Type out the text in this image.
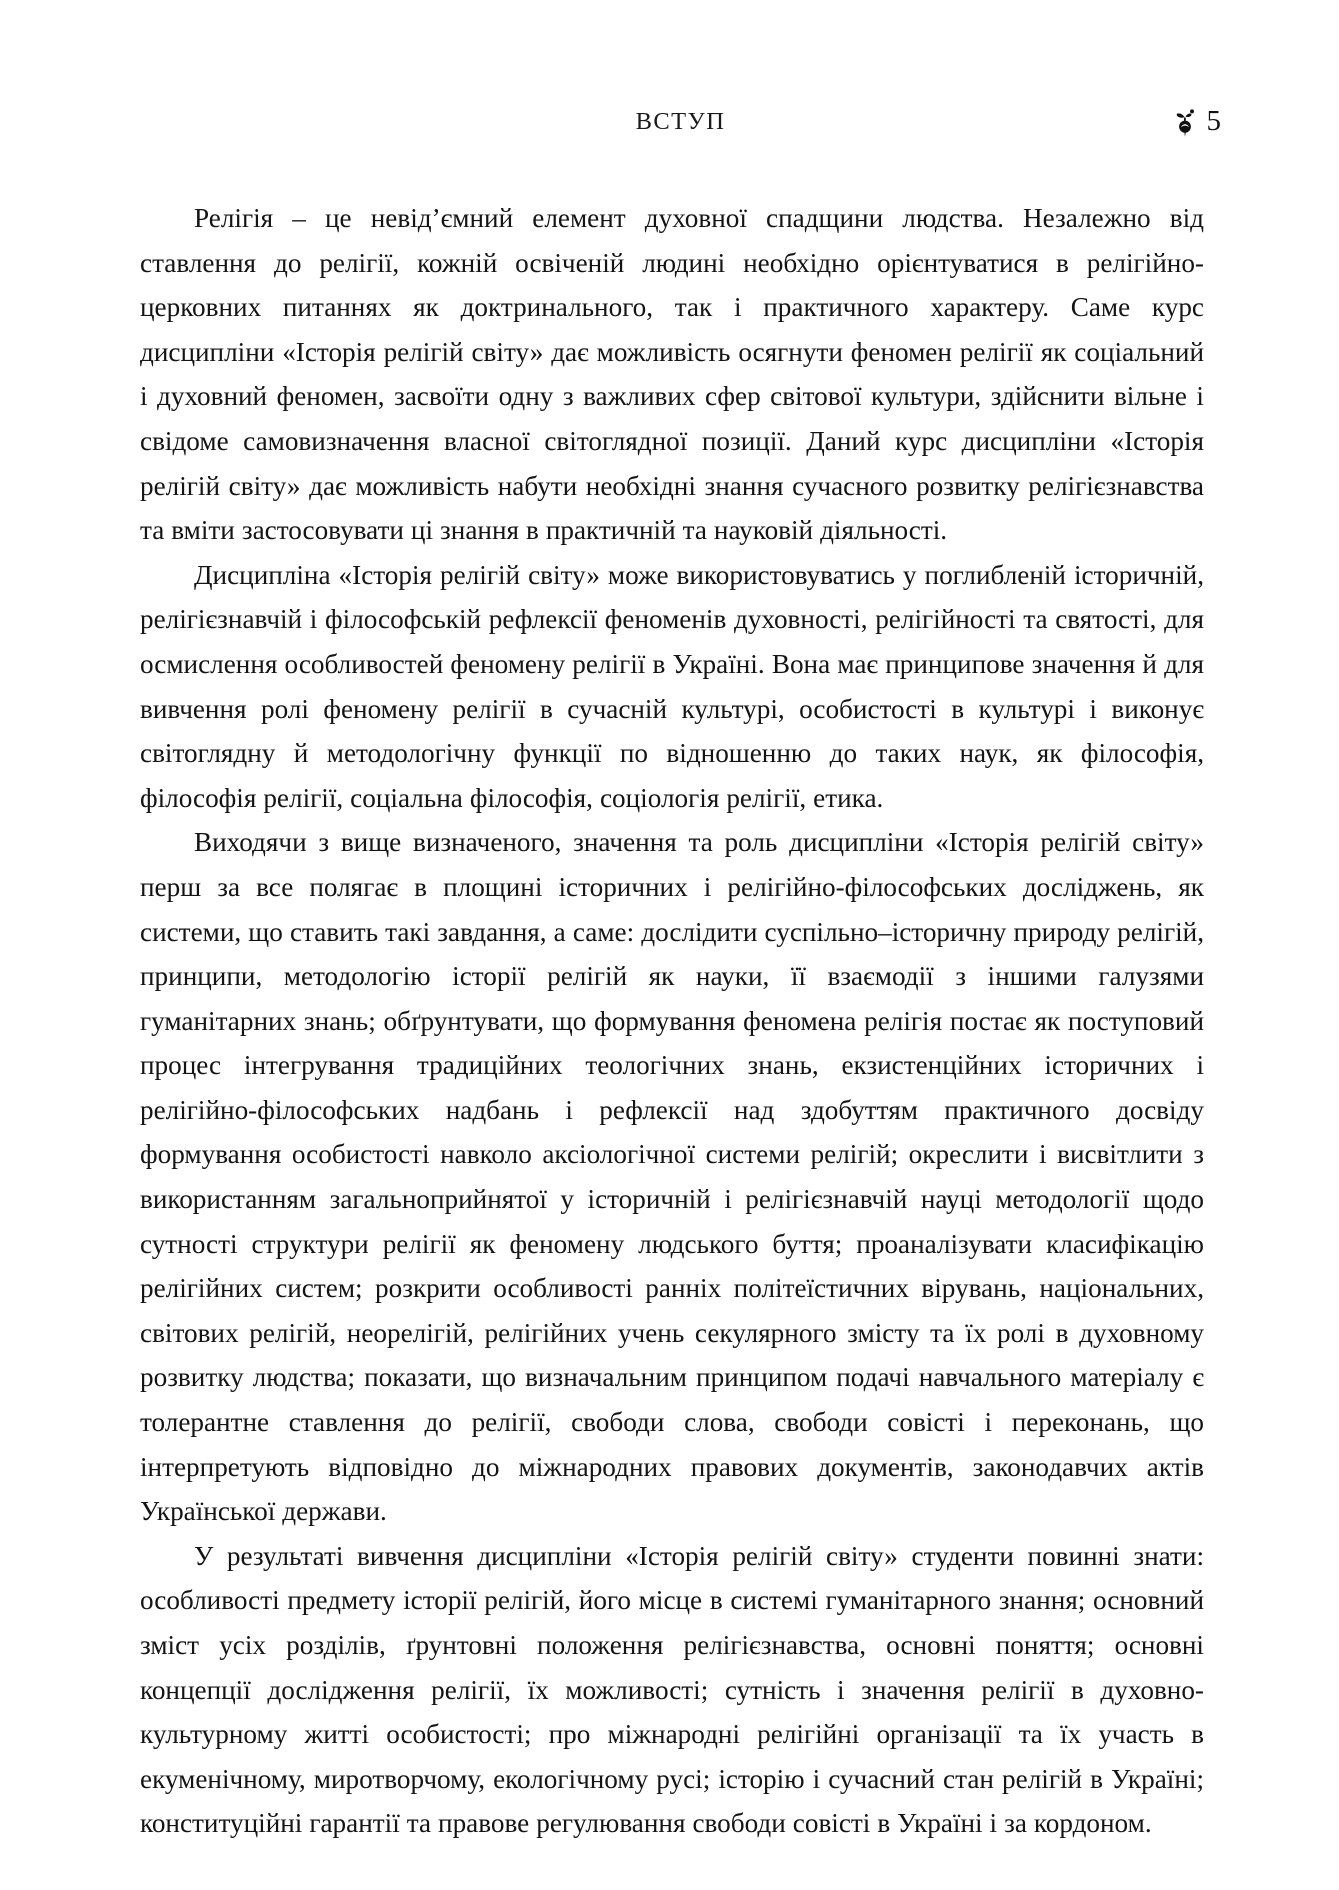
ВСТУП	5

Релігія – це невід’ємний елемент духовної спадщини людства. Незалежно від ставлення до релігії, кожній освіченій людині необхідно орієнтуватися в релігійно-церковних питаннях як доктринального, так і практичного характеру. Саме курс дисципліни «Історія релігій світу» дає можливість осягнути феномен релігії як соціальний і духовний феномен, засвоїти одну з важливих сфер світової культури, здійснити вільне і свідоме самовизначення власної світоглядної позиції. Даний курс дисципліни «Історія релігій світу» дає можливість набути необхідні знання сучасного розвитку релігієзнавства та вміти застосовувати ці знання в практичній та науковій діяльності.

Дисципліна «Історія релігій світу» може використовуватись у поглибленій історичній, релігієзнавчій і філософській рефлексії феноменів духовності, релігійності та святості, для осмислення особливостей феномену релігії в Україні. Вона має принципове значення й для вивчення ролі феномену релігії в сучасній культурі, особистості в культурі і виконує світоглядну й методологічну функції по відношенню до таких наук, як філософія, філософія релігії, соціальна філософія, соціологія релігії, етика.

Виходячи з вище визначеного, значення та роль дисципліни «Історія релігій світу» перш за все полягає в площині історичних і релігійно-філософських досліджень, як системи, що ставить такі завдання, а саме: дослідити суспільно–історичну природу релігій, принципи, методологію історії релігій як науки, її взаємодії з іншими галузями гуманітарних знань; обґрунтувати, що формування феномена релігія постає як поступовий процес інтегрування традиційних теологічних знань, екзистенційних історичних і релігійно-філософських надбань і рефлексії над здобуттям практичного досвіду формування особистості навколо аксіологічної системи релігій; окреслити і висвітлити з використанням загальноприйнятої у історичній і релігієзнавчій науці методології щодо сутності структури релігії як феномену людського буття; проаналізувати класифікацію релігійних систем; розкрити особливості ранніх політеїстичних вірувань, національних, світових релігій, неорелігій, релігійних учень секулярного змісту та їх ролі в духовному розвитку людства; показати, що визначальним принципом подачі навчального матеріалу є толерантне ставлення до релігії, свободи слова, свободи совісті і переконань, що інтерпретують відповідно до міжнародних правових документів, законодавчих актів Української держави.

У результаті вивчення дисципліни «Історія релігій світу» студенти повинні знати: особливості предмету історії релігій, його місце в системі гуманітарного знання; основний зміст усіх розділів, ґрунтовні положення релігієзнавства, основні поняття; основні концепції дослідження релігії, їх можливості; сутність і значення релігії в духовно-культурному житті особистості; про міжнародні релігійні організації та їх участь в екуменічному, миротворчому, екологічному русі; історію і сучасний стан релігій в Україні; конституційні гарантії та правове регулювання свободи совісті в Україні і за кордоном.
